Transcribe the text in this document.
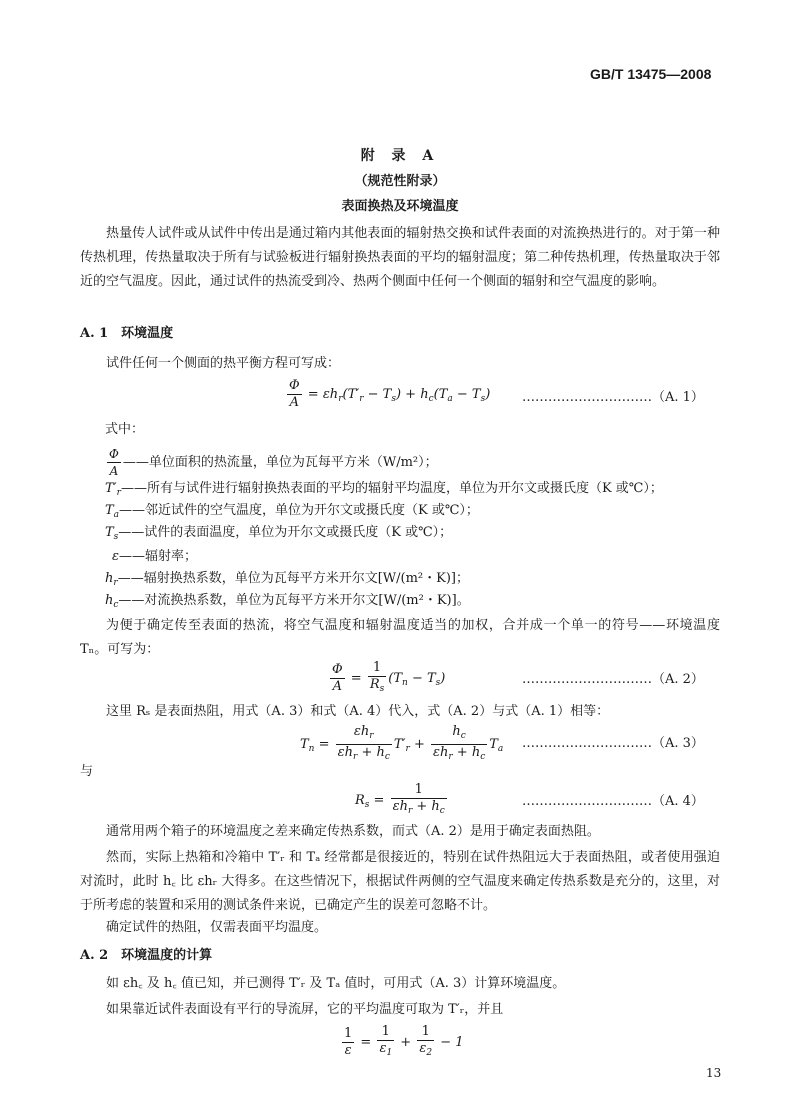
GB/T 13475—2008
附 录 A
（规范性附录）
表面换热及环境温度
热量传人试件或从试件中传出是通过箱内其他表面的辐射热交换和试件表面的对流换热进行的。对于第一种传热机理，传热量取决于所有与试验板进行辐射换热表面的平均的辐射温度；第二种传热机理，传热量取决于邻近的空气温度。因此，通过试件的热流受到冷、热两个侧面中任何一个侧面的辐射和空气温度的影响。
A. 1　环境温度
试件任何一个侧面的热平衡方程可写成：
$\frac{\Phi}{A} = \varepsilon h_r(T'_r - T_s) + h_c(T_a - T_s)$ …………………………（A. 1）
式中：
$\frac{\Phi}{A}$ ——单位面积的热流量，单位为瓦每平方米（W/m²）；
$T'_r——$所有与试件进行辐射换热表面的平均的辐射平均温度，单位为开尔文或摄氏度（K 或℃）；
$T_a——$邻近试件的空气温度，单位为开尔文或摄氏度（K 或℃）；
$T_s——$试件的表面温度，单位为开尔文或摄氏度（K 或℃）；
ε——辐射率；
$h_r——$辐射换热系数，单位为瓦每平方米开尔文[W/(m²・K)]；
$h_c——$对流换热系数，单位为瓦每平方米开尔文[W/(m²・K)]。
为便于确定传至表面的热流，将空气温度和辐射温度适当的加权，合并成一个单一的符号——环境温度 Tₙ。可写为：
$\frac{\Phi}{A} = \frac{1}{R_s} (T_n - T_s)$	…………………………（A. 2）
这里 Rₛ 是表面热阻，用式（A. 3）和式（A. 4）代入，式（A. 2）与式（A. 1）相等：
$T_n = \frac{\varepsilon h_r}{\varepsilon h_r + h_c} T'_r + \frac{h_c}{\varepsilon h_r + h_c} T_a$ …………………………（A. 3）
与
$R_s = \frac{1}{\varepsilon h_r + h_c}$	…………………………（A. 4）
通常用两个箱子的环境温度之差来确定传热系数，而式（A. 2）是用于确定表面热阻。
然而，实际上热箱和冷箱中 T′ᵣ 和 Tₐ 经常都是很接近的，特别在试件热阻远大于表面热阻，或者使用强迫对流时，此时 h꜀ 比 εhᵣ 大得多。在这些情况下，根据试件两侧的空气温度来确定传热系数是充分的，这里，对于所考虑的装置和采用的测试条件来说，已确定产生的误差可忽略不计。
确定试件的热阻，仅需表面平均温度。
A. 2　环境温度的计算
如 εh꜀ 及 h꜀ 值已知，并已测得 T′ᵣ 及 Tₐ 值时，可用式（A. 3）计算环境温度。
如果靠近试件表面设有平行的导流屏，它的平均温度可取为 T′ᵣ，并且
$\frac{1}{\varepsilon} = \frac{1}{\varepsilon_1} + \frac{1}{\varepsilon_2} - 1$
13
